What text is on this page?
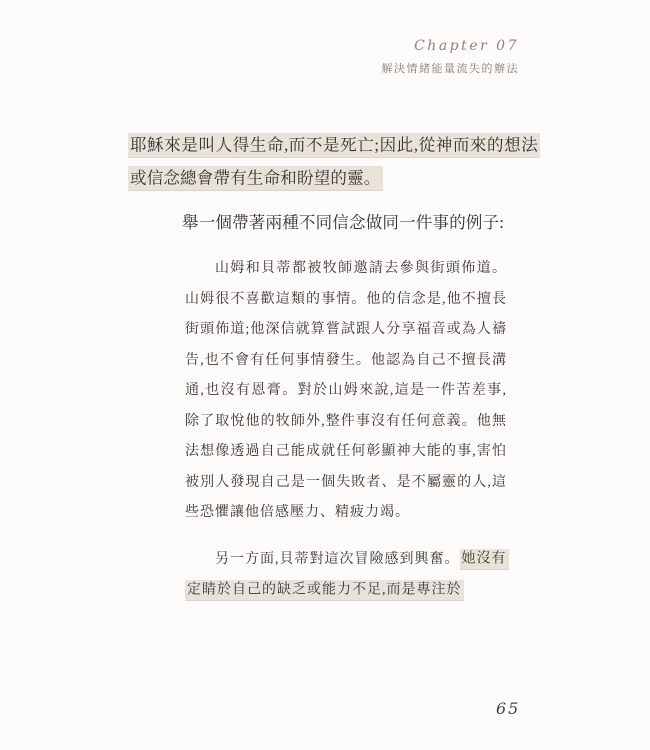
Chapter 07
解決情緒能量流失的辦法

耶穌來是叫人得生命,而不是死亡;因此,從神而來的想法或信念總會帶有生命和盼望的靈。

舉一個帶著兩種不同信念做同一件事的例子:

山姆和貝蒂都被牧師邀請去參與街頭佈道。山姆很不喜歡這類的事情。他的信念是,他不擅長街頭佈道;他深信就算嘗試跟人分享福音或為人禱告,也不會有任何事情發生。他認為自己不擅長溝通,也沒有恩膏。對於山姆來說,這是一件苦差事,除了取悅他的牧師外,整件事沒有任何意義。他無法想像透過自己能成就任何彰顯神大能的事,害怕被別人發現自己是一個失敗者、是不屬靈的人,這些恐懼讓他倍感壓力、精疲力竭。

另一方面,貝蒂對這次冒險感到興奮。 她沒有定睛於自己的缺乏或能力不足,而是專注於

65
